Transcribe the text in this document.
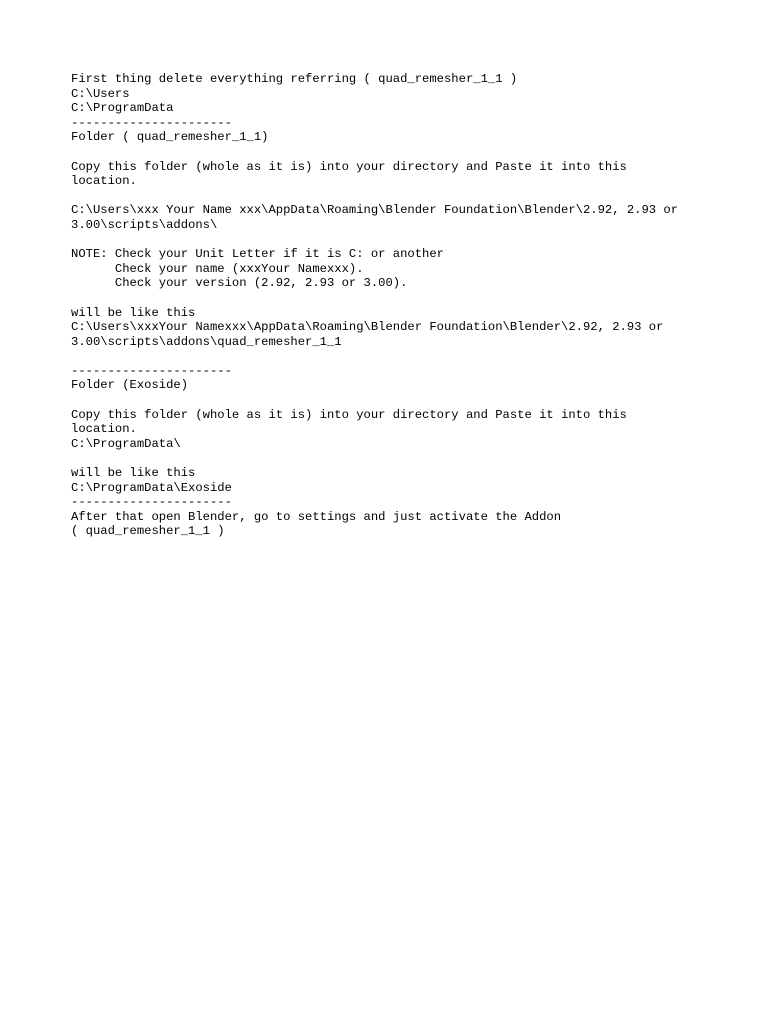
First thing delete everything referring ( quad_remesher_1_1 )

C:\Users

C:\ProgramData

----------------------

Folder ( quad_remesher_1_1)

Copy this folder (whole as it is) into your directory and Paste it into this

location.

C:\Users\xxx Your Name xxx\AppData\Roaming\Blender Foundation\Blender\2.92, 2.93 or

3.00\scripts\addons\

NOTE: Check your Unit Letter if it is C: or another

Check your name (xxxYour Namexxx).

Check your version (2.92, 2.93 or 3.00).

will be like this

C:\Users\xxxYour Namexxx\AppData\Roaming\Blender Foundation\Blender\2.92, 2.93 or

3.00\scripts\addons\quad_remesher_1_1

----------------------

Folder (Exoside)

Copy this folder (whole as it is) into your directory and Paste it into this

location.

C:\ProgramData\

will be like this

C:\ProgramData\Exoside

----------------------

After that open Blender, go to settings and just activate the Addon

( quad_remesher_1_1 )
